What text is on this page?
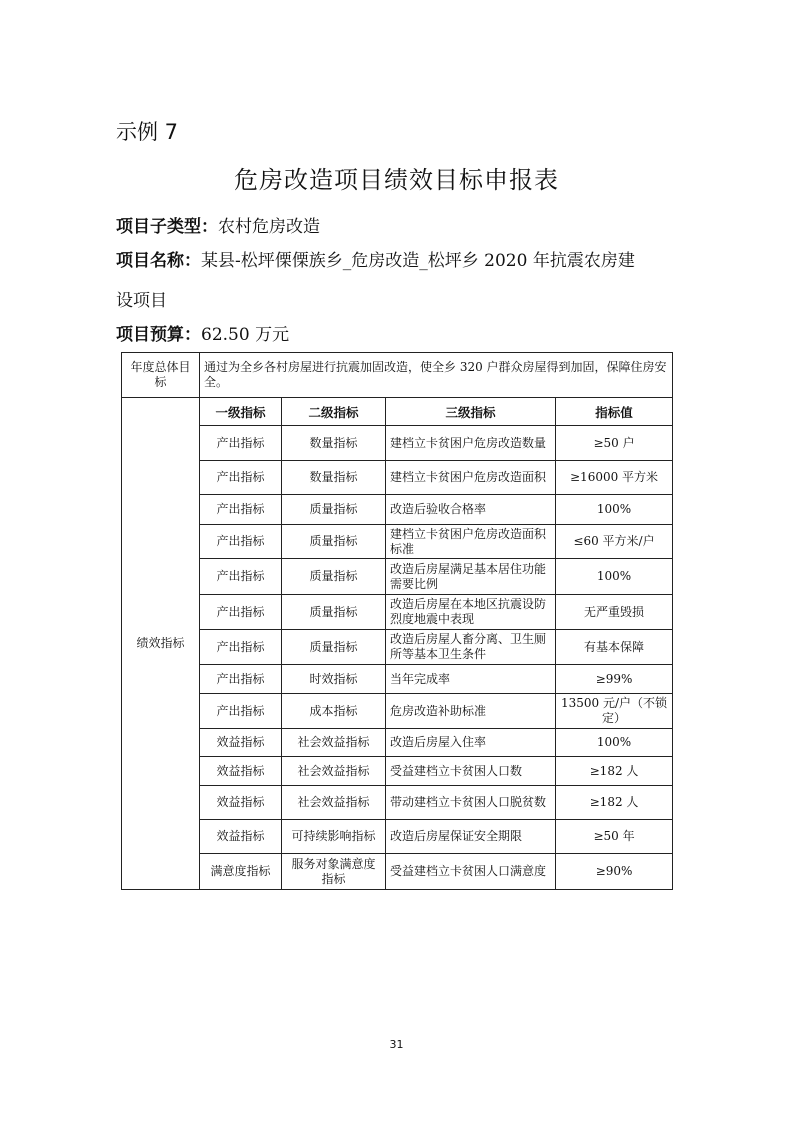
示例 7
危房改造项目绩效目标申报表
项目子类型：农村危房改造
项目名称：某县-松坪傈傈族乡_危房改造_松坪乡 2020 年抗震农房建
设项目
项目预算：62.50 万元
年度总体目标	通过为全乡各村房屋进行抗震加固改造，使全乡 320 户群众房屋得到加固，保障住房安全。			
绩效指标	一级指标	二级指标	三级指标	指标值
	产出指标	数量指标	建档立卡贫困户危房改造数量	≥50 户
	产出指标	数量指标	建档立卡贫困户危房改造面积	≥16000 平方米
	产出指标	质量指标	改造后验收合格率	100%
	产出指标	质量指标	建档立卡贫困户危房改造面积标准	≤60 平方米/户
	产出指标	质量指标	改造后房屋满足基本居住功能需要比例	100%
	产出指标	质量指标	改造后房屋在本地区抗震设防烈度地震中表现	无严重毁损
	产出指标	质量指标	改造后房屋人畜分离、卫生厕所等基本卫生条件	有基本保障
	产出指标	时效指标	当年完成率	≥99%
	产出指标	成本指标	危房改造补助标准	13500 元/户（不锁定）
	效益指标	社会效益指标	改造后房屋入住率	100%
	效益指标	社会效益指标	受益建档立卡贫困人口数	≥182 人
	效益指标	社会效益指标	带动建档立卡贫困人口脱贫数	≥182 人
	效益指标	可持续影响指标	改造后房屋保证安全期限	≥50 年
	满意度指标	服务对象满意度指标	受益建档立卡贫困人口满意度	≥90%
31
